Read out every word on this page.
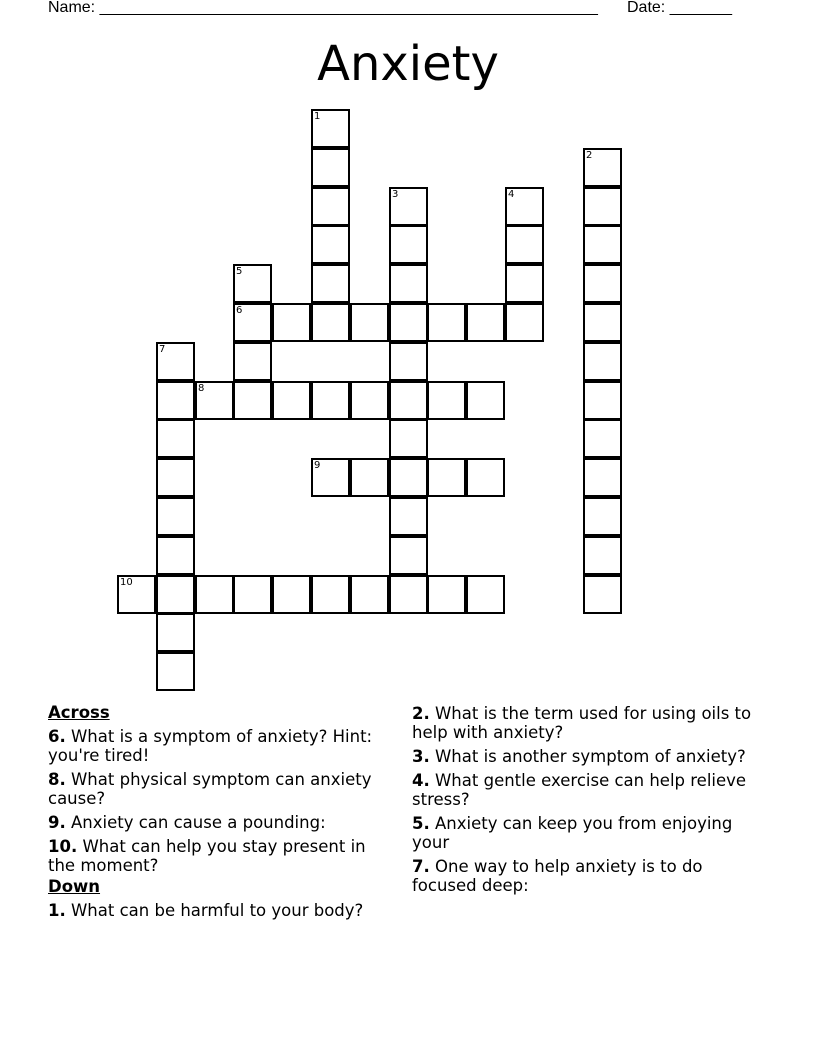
Name: ________________________________________________________ Date: _______
Anxiety
1
2
3	4
5
6
7
8
9
10
Across
6. What is a symptom of anxiety? Hint: you're tired!
8. What physical symptom can anxiety cause?
9. Anxiety can cause a pounding:
10. What can help you stay present in the moment?
Down
1. What can be harmful to your body?
2. What is the term used for using oils to help with anxiety?
3. What is another symptom of anxiety?
4. What gentle exercise can help relieve stress?
5. Anxiety can keep you from enjoying your
7. One way to help anxiety is to do focused deep:
